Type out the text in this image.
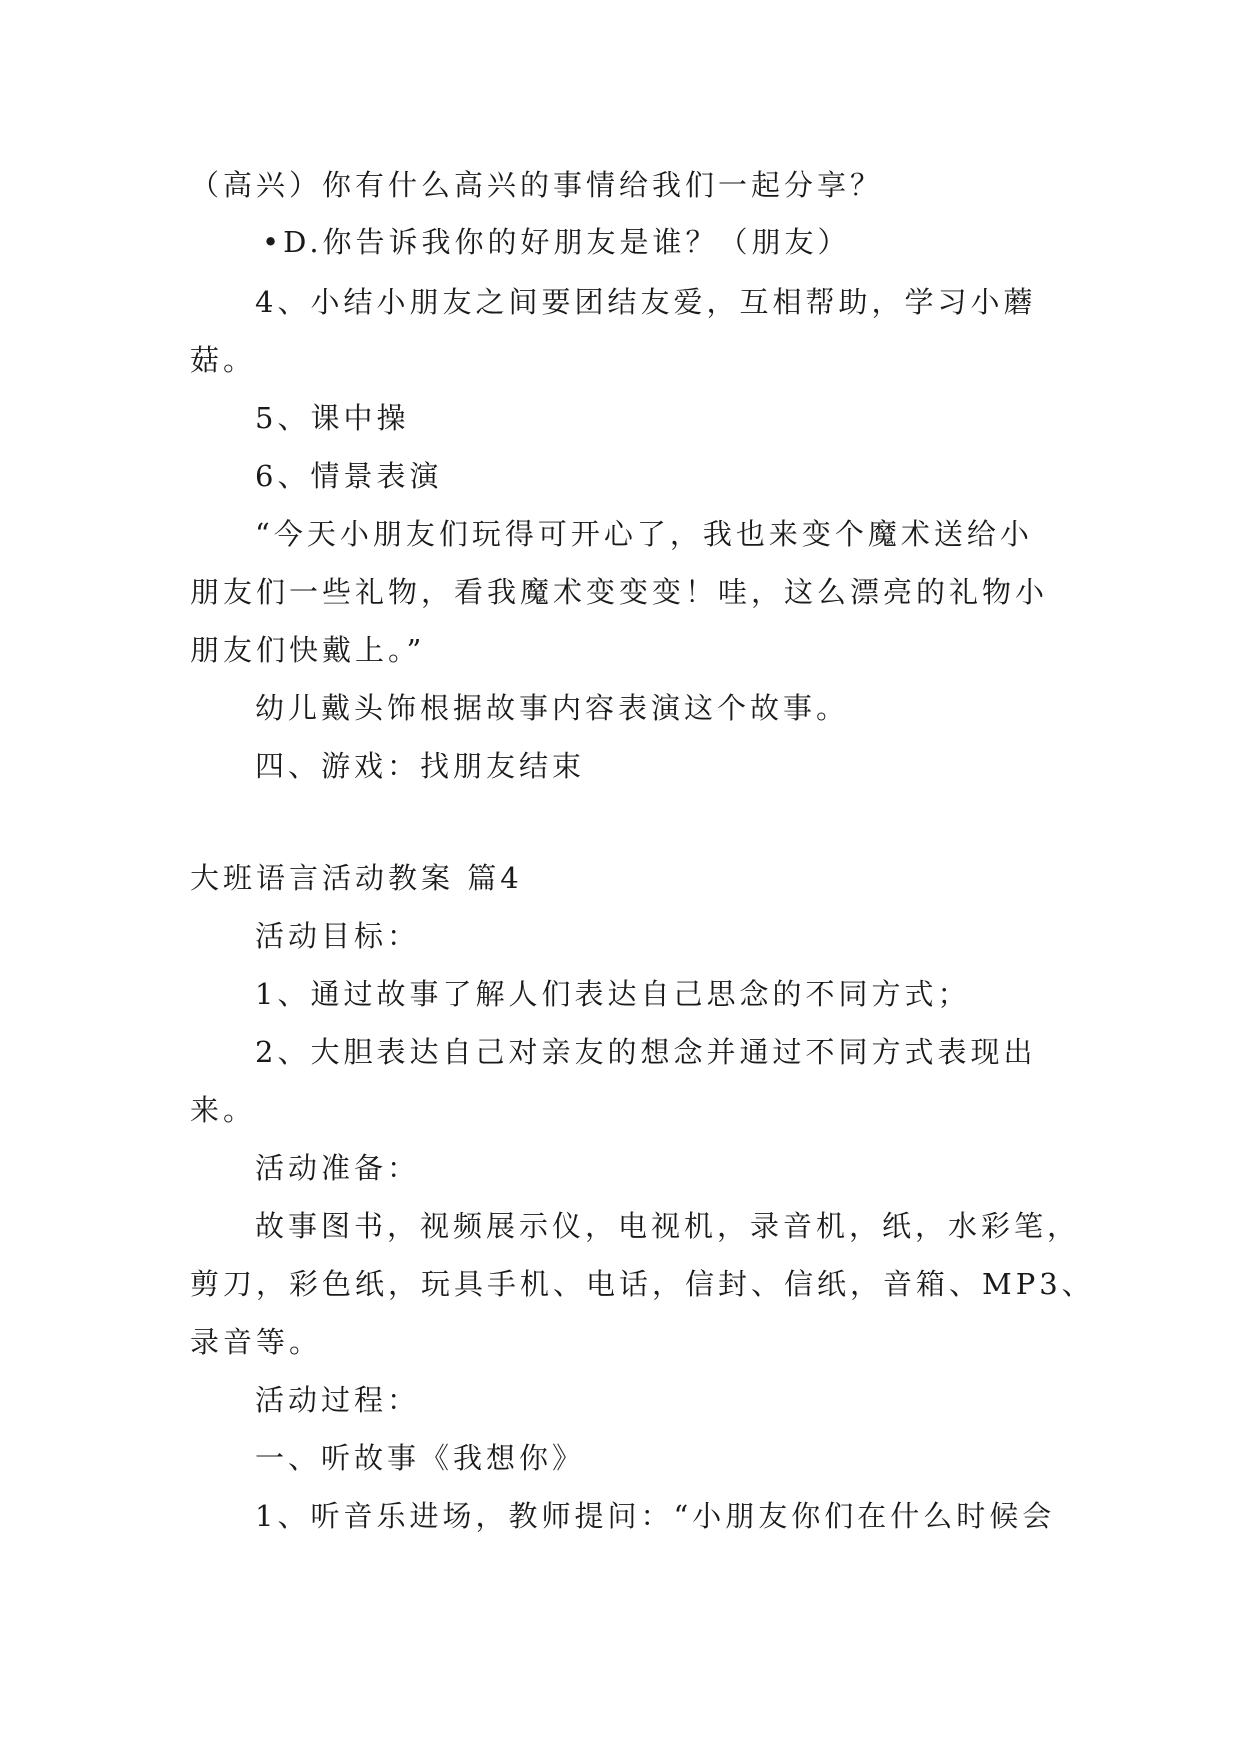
（高兴）你有什么高兴的事情给我们一起分享？
•D.你告诉我你的好朋友是谁？（朋友）
4、小结小朋友之间要团结友爱，互相帮助，学习小蘑
菇。
5、课中操
6、情景表演
“今天小朋友们玩得可开心了，我也来变个魔术送给小
朋友们一些礼物，看我魔术变变变！哇，这么漂亮的礼物小
朋友们快戴上。”
幼儿戴头饰根据故事内容表演这个故事。
四、游戏：找朋友结束
大班语言活动教案 篇4
活动目标：
1、通过故事了解人们表达自己思念的不同方式；
2、大胆表达自己对亲友的想念并通过不同方式表现出
来。
活动准备：
故事图书，视频展示仪，电视机，录音机，纸，水彩笔，
剪刀，彩色纸，玩具手机、电话，信封、信纸，音箱、MP3、
录音等。
活动过程：
一、听故事《我想你》
1、听音乐进场，教师提问：“小朋友你们在什么时候会
